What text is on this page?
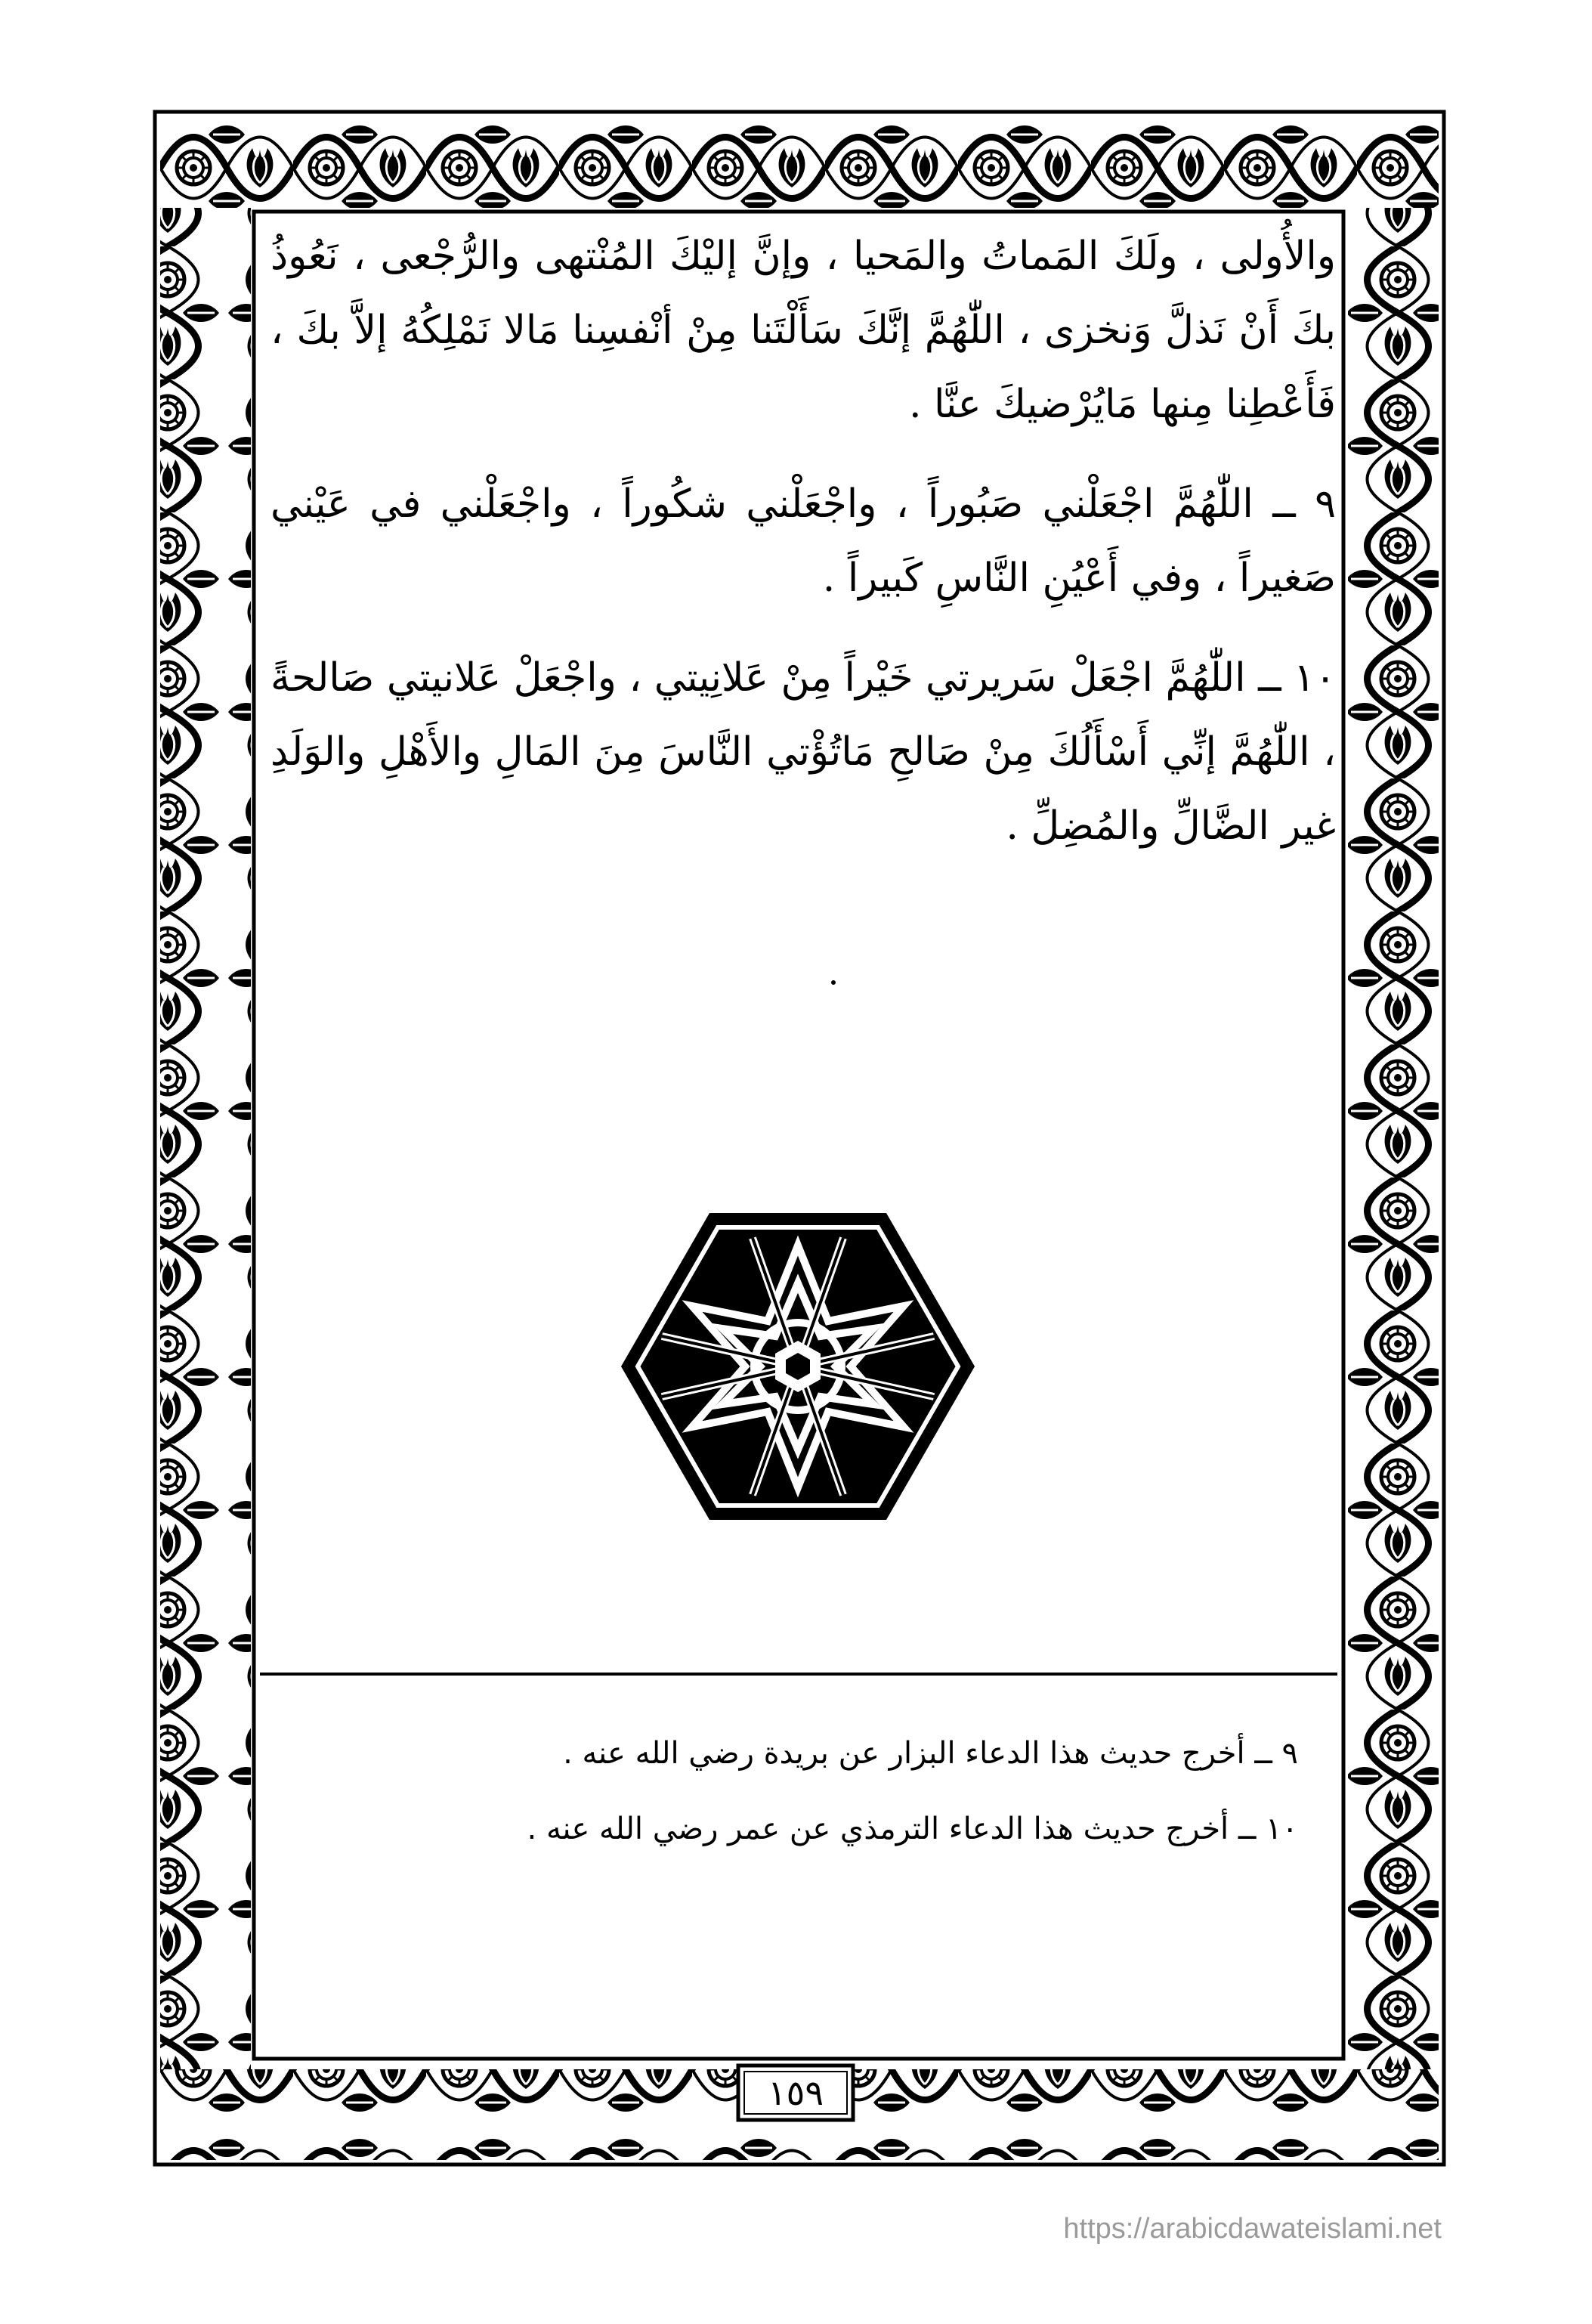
والأُولى ، ولَكَ المَماتُ والمَحيا ، وإنَّ إليْكَ المُنْتهى والرُّجْعى ، نَعُوذُ بكَ أَنْ نَذلَّ وَنخزى ، اللّٰهُمَّ إنَّكَ سَأَلْتَنا مِنْ أنْفسِنا مَالا نَمْلِكُهُ إلاَّ بكَ ، فَأَعْطِنا مِنها مَايُرْضيكَ عنَّا .

٩ ــ اللّٰهُمَّ اجْعَلْني صَبُوراً ، واجْعَلْني شكُوراً ، واجْعَلْني في عَيْني صَغيراً ، وفي أَعْيُنِ النَّاسِ كَبيراً .

١٠ ــ اللّٰهُمَّ اجْعَلْ سَريرتي خَيْراً مِنْ عَلانِيتي ، واجْعَلْ عَلانيتي صَالحةً ، اللّٰهُمَّ إنِّي أَسْأَلُكَ مِنْ صَالحِ مَاتُؤْتي النَّاسَ مِنَ المَالِ والأَهْلِ والوَلَدِ غير الضَّالِّ والمُضِلِّ .

٩ ــ أخرج حديث هذا الدعاء البزار عن بريدة رضي الله عنه .

١٠ ــ أخرج حديث هذا الدعاء الترمذي عن عمر رضي الله عنه .

١٥٩
https://arabicdawateislami.net
